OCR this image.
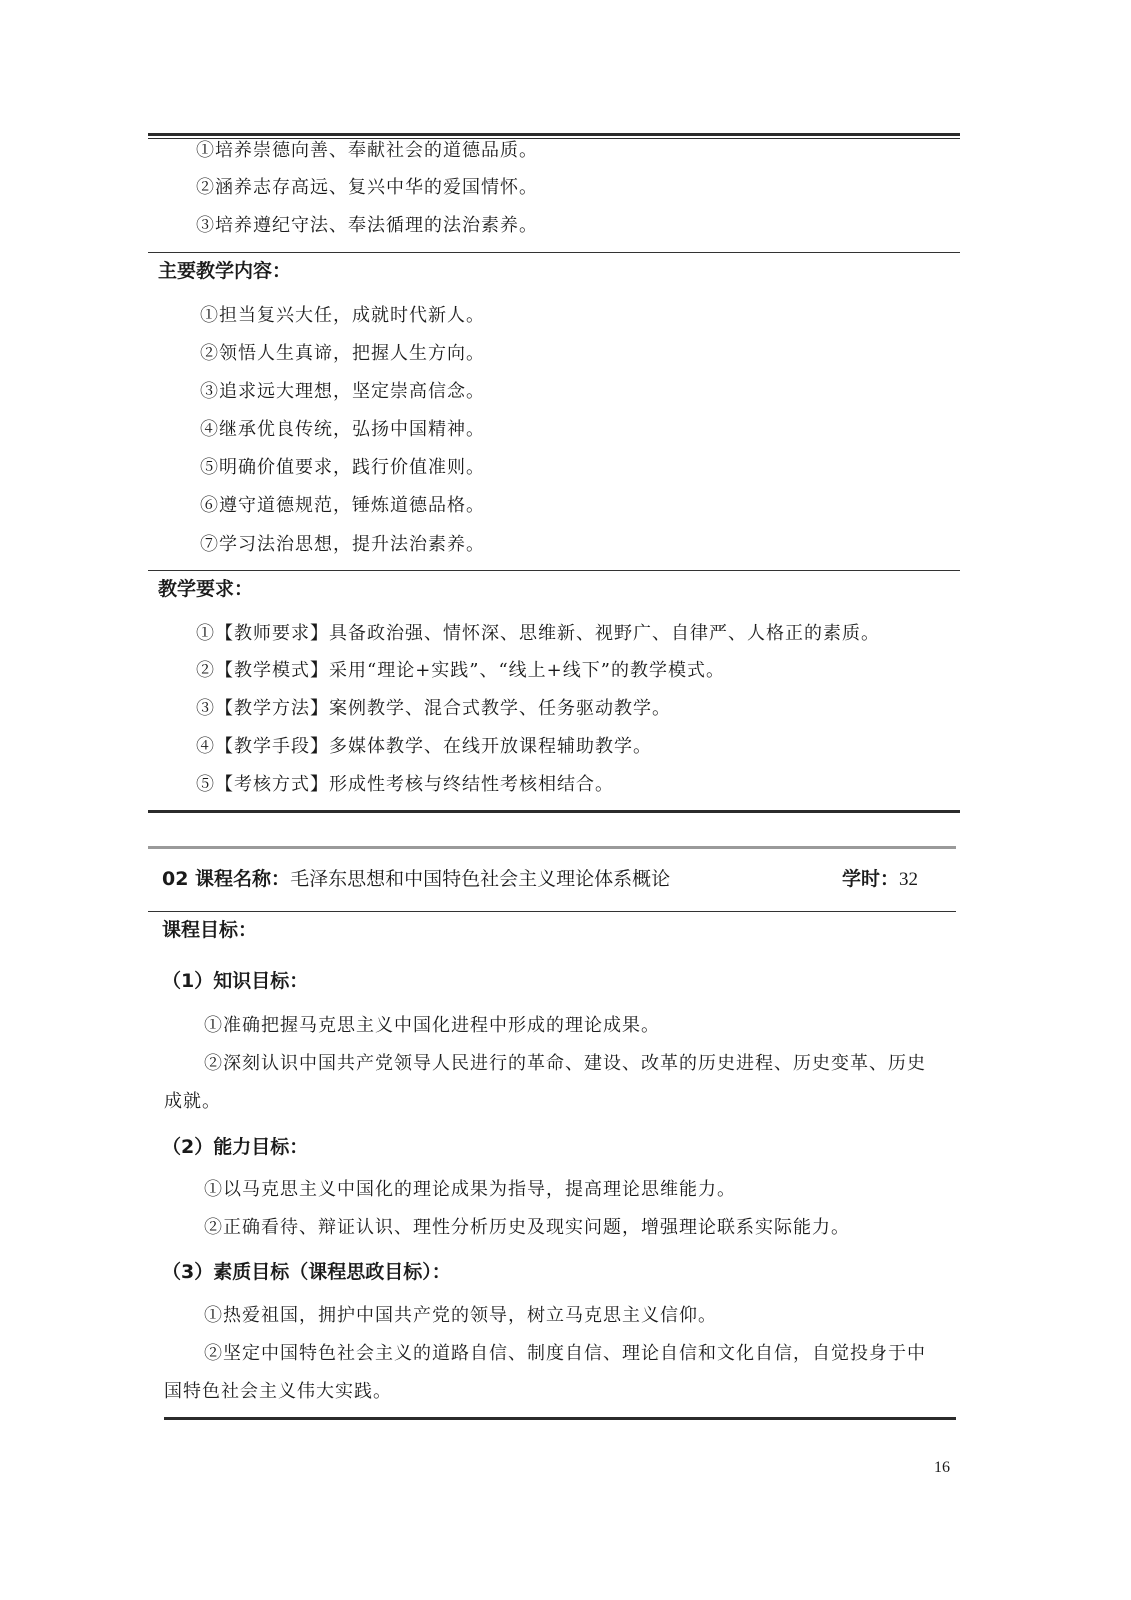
①培养崇德向善、奉献社会的道德品质。
②涵养志存高远、复兴中华的爱国情怀。
③培养遵纪守法、奉法循理的法治素养。
主要教学内容：
①担当复兴大任，成就时代新人。
②领悟人生真谛，把握人生方向。
③追求远大理想，坚定崇高信念。
④继承优良传统，弘扬中国精神。
⑤明确价值要求，践行价值准则。
⑥遵守道德规范，锤炼道德品格。
⑦学习法治思想，提升法治素养。
教学要求：
①【教师要求】具备政治强、情怀深、思维新、视野广、自律严、人格正的素质。
②【教学模式】采用“理论+实践”、“线上+线下”的教学模式。
③【教学方法】案例教学、混合式教学、任务驱动教学。
④【教学手段】多媒体教学、在线开放课程辅助教学。
⑤【考核方式】形成性考核与终结性考核相结合。
02 课程名称：毛泽东思想和中国特色社会主义理论体系概论	学时：32
课程目标：
（1）知识目标：
①准确把握马克思主义中国化进程中形成的理论成果。
②深刻认识中国共产党领导人民进行的革命、建设、改革的历史进程、历史变革、历史
成就。
（2）能力目标：
①以马克思主义中国化的理论成果为指导，提高理论思维能力。
②正确看待、辩证认识、理性分析历史及现实问题，增强理论联系实际能力。
（3）素质目标（课程思政目标）：
①热爱祖国，拥护中国共产党的领导，树立马克思主义信仰。
②坚定中国特色社会主义的道路自信、制度自信、理论自信和文化自信，自觉投身于中
国特色社会主义伟大实践。
16
